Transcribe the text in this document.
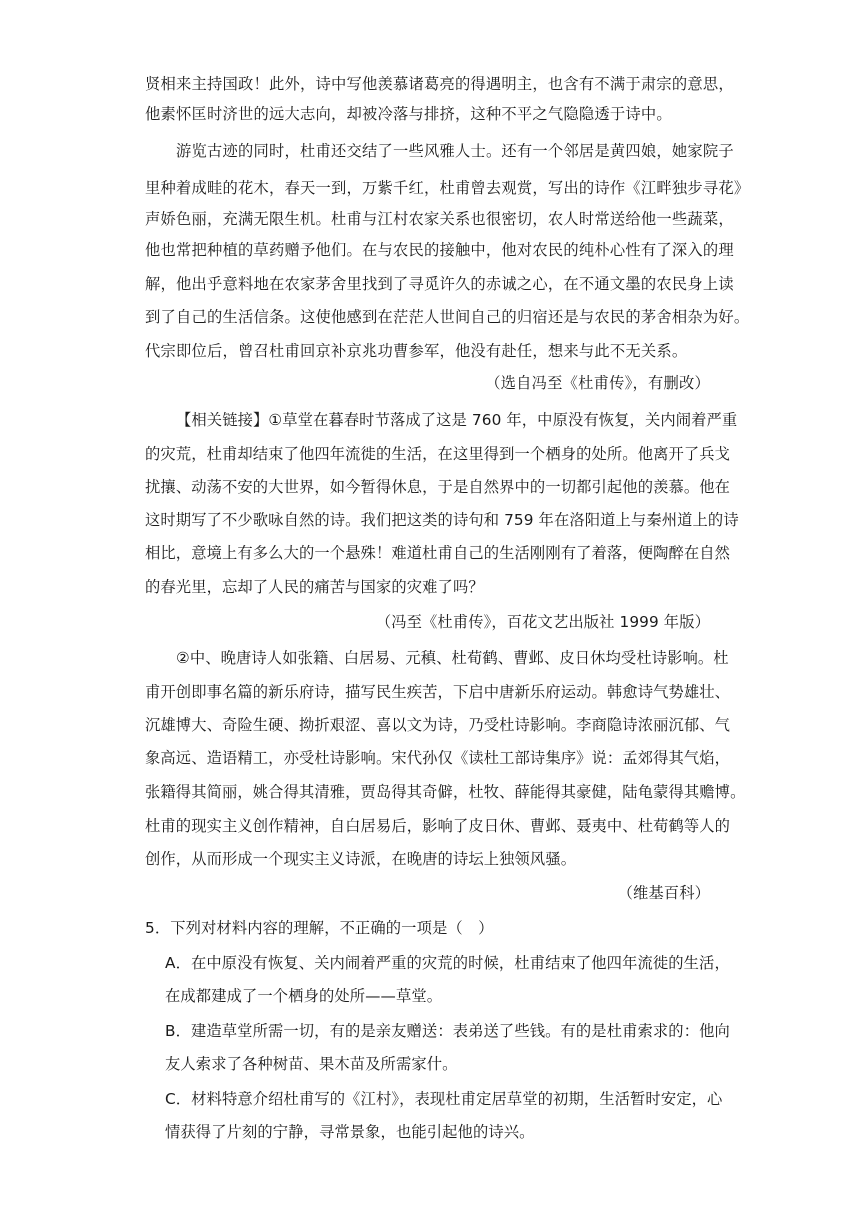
贤相来主持国政！此外，诗中写他羡慕诸葛亮的得遇明主，也含有不满于肃宗的意思，
他素怀匡时济世的远大志向，却被冷落与排挤，这种不平之气隐隐透于诗中。
游览古迹的同时，杜甫还交结了一些风雅人士。还有一个邻居是黄四娘，她家院子
里种着成畦的花木，春天一到，万紫千红，杜甫曾去观赏，写出的诗作《江畔独步寻花》
声娇色丽，充满无限生机。杜甫与江村农家关系也很密切，农人时常送给他一些蔬菜，
他也常把种植的草药赠予他们。在与农民的接触中，他对农民的纯朴心性有了深入的理
解，他出乎意料地在农家茅舍里找到了寻觅许久的赤诚之心，在不通文墨的农民身上读
到了自己的生活信条。这使他感到在茫茫人世间自己的归宿还是与农民的茅舍相杂为好。
代宗即位后，曾召杜甫回京补京兆功曹参军，他没有赴任，想来与此不无关系。
（选自冯至《杜甫传》，有删改）
【相关链接】①草堂在暮春时节落成了这是 760 年，中原没有恢复，关内闹着严重
的灾荒，杜甫却结束了他四年流徙的生活，在这里得到一个栖身的处所。他离开了兵戈
扰攘、动荡不安的大世界，如今暂得休息，于是自然界中的一切都引起他的羡慕。他在
这时期写了不少歌咏自然的诗。我们把这类的诗句和 759 年在洛阳道上与秦州道上的诗
相比，意境上有多么大的一个悬殊！难道杜甫自己的生活刚刚有了着落，便陶醉在自然
的春光里，忘却了人民的痛苦与国家的灾难了吗？
（冯至《杜甫传》，百花文艺出版社 1999 年版）
②中、晚唐诗人如张籍、白居易、元稹、杜荀鹤、曹邺、皮日休均受杜诗影响。杜
甫开创即事名篇的新乐府诗，描写民生疾苦，下启中唐新乐府运动。韩愈诗气势雄壮、
沉雄博大、奇险生硬、拗折艰涩、喜以文为诗，乃受杜诗影响。李商隐诗浓丽沉郁、气
象高远、造语精工，亦受杜诗影响。宋代孙仅《读杜工部诗集序》说：孟郊得其气焰，
张籍得其简丽，姚合得其清雅，贾岛得其奇僻，杜牧、薛能得其豪健，陆龟蒙得其赡博。
杜甫的现实主义创作精神，自白居易后，影响了皮日休、曹邺、聂夷中、杜荀鹤等人的
创作，从而形成一个现实主义诗派，在晚唐的诗坛上独领风骚。
（维基百科）
5．下列对材料内容的理解，不正确的一项是（　）
A．在中原没有恢复、关内闹着严重的灾荒的时候，杜甫结束了他四年流徙的生活，
在成都建成了一个栖身的处所——草堂。
B．建造草堂所需一切，有的是亲友赠送：表弟送了些钱。有的是杜甫索求的：他向
友人索求了各种树苗、果木苗及所需家什。
C．材料特意介绍杜甫写的《江村》，表现杜甫定居草堂的初期，生活暂时安定，心
情获得了片刻的宁静，寻常景象，也能引起他的诗兴。
